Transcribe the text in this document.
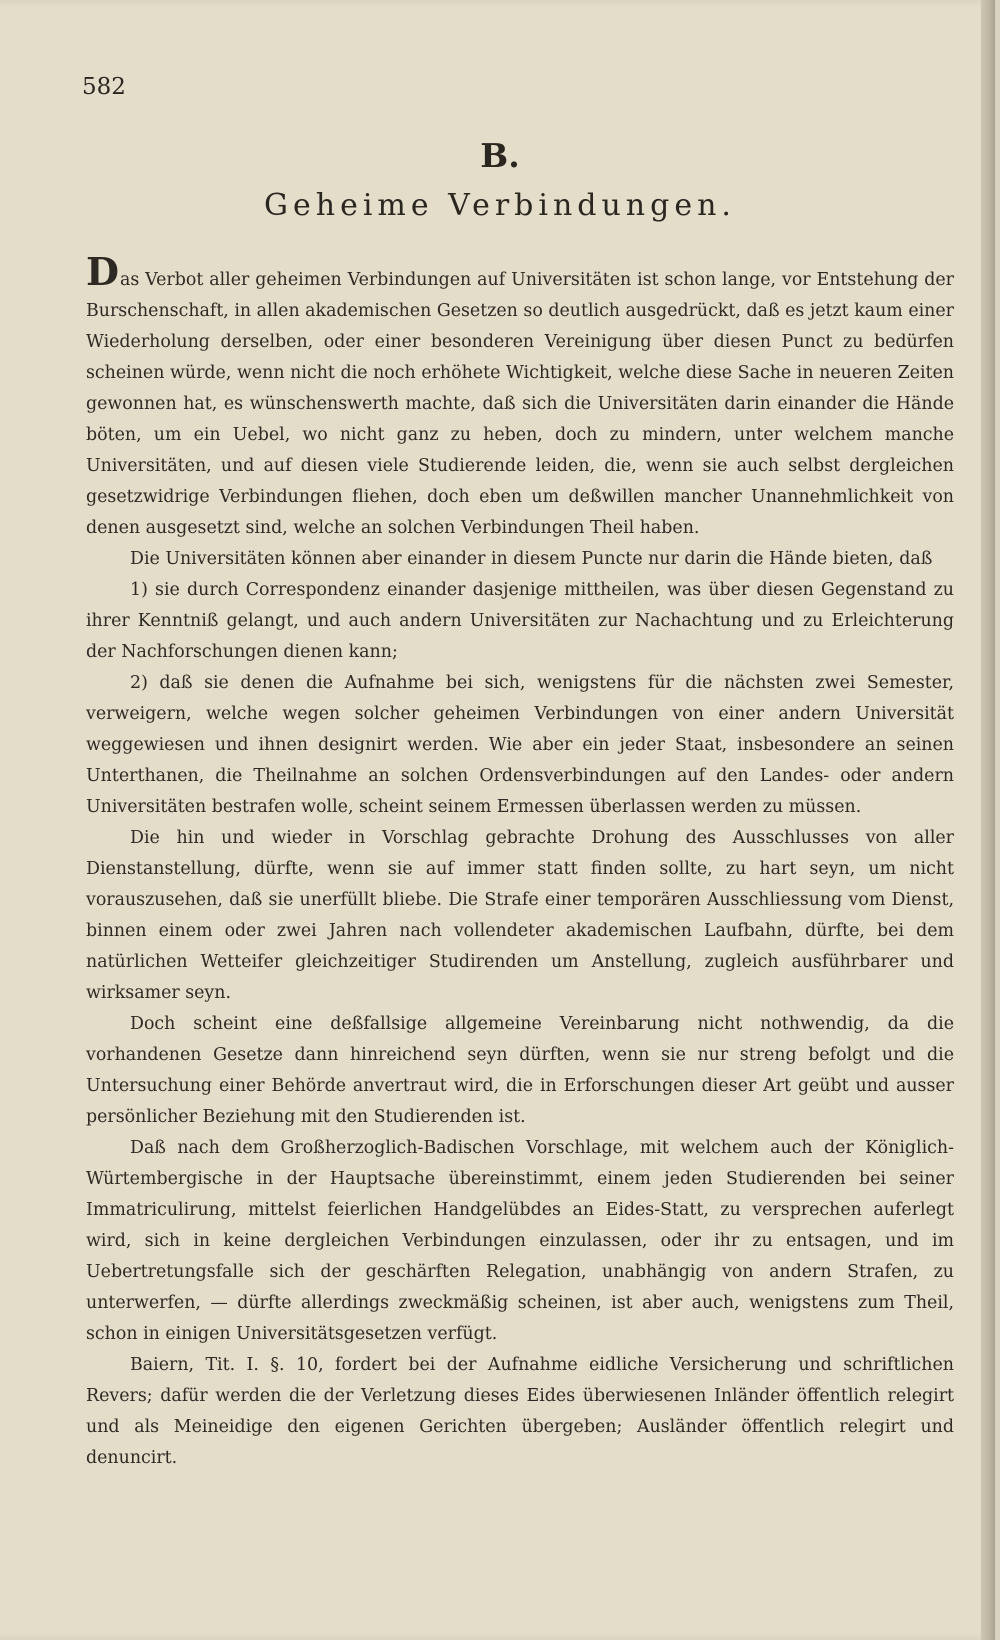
582
B.
Geheime Verbindungen.

Das Verbot aller geheimen Verbindungen auf Universitäten ist schon lange, vor Entstehung der Burschenschaft, in allen akademischen Gesetzen so deutlich ausgedrückt, daß es jetzt kaum einer Wiederholung derselben, oder einer besonderen Vereinigung über diesen Punct zu bedürfen scheinen würde, wenn nicht die noch erhöhete Wichtigkeit, welche diese Sache in neueren Zeiten gewonnen hat, es wünschenswerth machte, daß sich die Universitäten darin einander die Hände böten, um ein Uebel, wo nicht ganz zu heben, doch zu mindern, unter welchem manche Universitäten, und auf diesen viele Studierende leiden, die, wenn sie auch selbst dergleichen gesetzwidrige Verbindungen fliehen, doch eben um deßwillen mancher Unannehmlichkeit von denen ausgesetzt sind, welche an solchen Verbindungen Theil haben.

Die Universitäten können aber einander in diesem Puncte nur darin die Hände bieten, daß

1) sie durch Correspondenz einander dasjenige mittheilen, was über diesen Gegenstand zu ihrer Kenntniß gelangt, und auch andern Universitäten zur Nachachtung und zu Erleichterung der Nachforschungen dienen kann;

2) daß sie denen die Aufnahme bei sich, wenigstens für die nächsten zwei Semester, verweigern, welche wegen solcher geheimen Verbindungen von einer andern Universität weggewiesen und ihnen designirt werden. Wie aber ein jeder Staat, insbesondere an seinen Unterthanen, die Theilnahme an solchen Ordensverbindungen auf den Landes- oder andern Universitäten bestrafen wolle, scheint seinem Ermessen überlassen werden zu müssen.

Die hin und wieder in Vorschlag gebrachte Drohung des Ausschlusses von aller Dienstanstellung, dürfte, wenn sie auf immer statt finden sollte, zu hart seyn, um nicht vorauszusehen, daß sie unerfüllt bliebe. Die Strafe einer temporären Ausschliessung vom Dienst, binnen einem oder zwei Jahren nach vollendeter akademischen Laufbahn, dürfte, bei dem natürlichen Wetteifer gleichzeitiger Studirenden um Anstellung, zugleich ausführbarer und wirksamer seyn.

Doch scheint eine deßfallsige allgemeine Vereinbarung nicht nothwendig, da die vorhandenen Gesetze dann hinreichend seyn dürften, wenn sie nur streng befolgt und die Untersuchung einer Behörde anvertraut wird, die in Erforschungen dieser Art geübt und ausser persönlicher Beziehung mit den Studierenden ist.

Daß nach dem Großherzoglich-Badischen Vorschlage, mit welchem auch der Königlich-Würtembergische in der Hauptsache übereinstimmt, einem jeden Studierenden bei seiner Immatriculirung, mittelst feierlichen Handgelübdes an Eides-Statt, zu versprechen auferlegt wird, sich in keine dergleichen Verbindungen einzulassen, oder ihr zu entsagen, und im Uebertretungsfalle sich der geschärften Relegation, unabhängig von andern Strafen, zu unterwerfen, — dürfte allerdings zweckmäßig scheinen, ist aber auch, wenigstens zum Theil, schon in einigen Universitätsgesetzen verfügt.

Baiern, Tit. I. §. 10, fordert bei der Aufnahme eidliche Versicherung und schriftlichen Revers; dafür werden die der Verletzung dieses Eides überwiesenen Inländer öffentlich relegirt und als Meineidige den eigenen Gerichten übergeben; Ausländer öffentlich relegirt und denuncirt.
